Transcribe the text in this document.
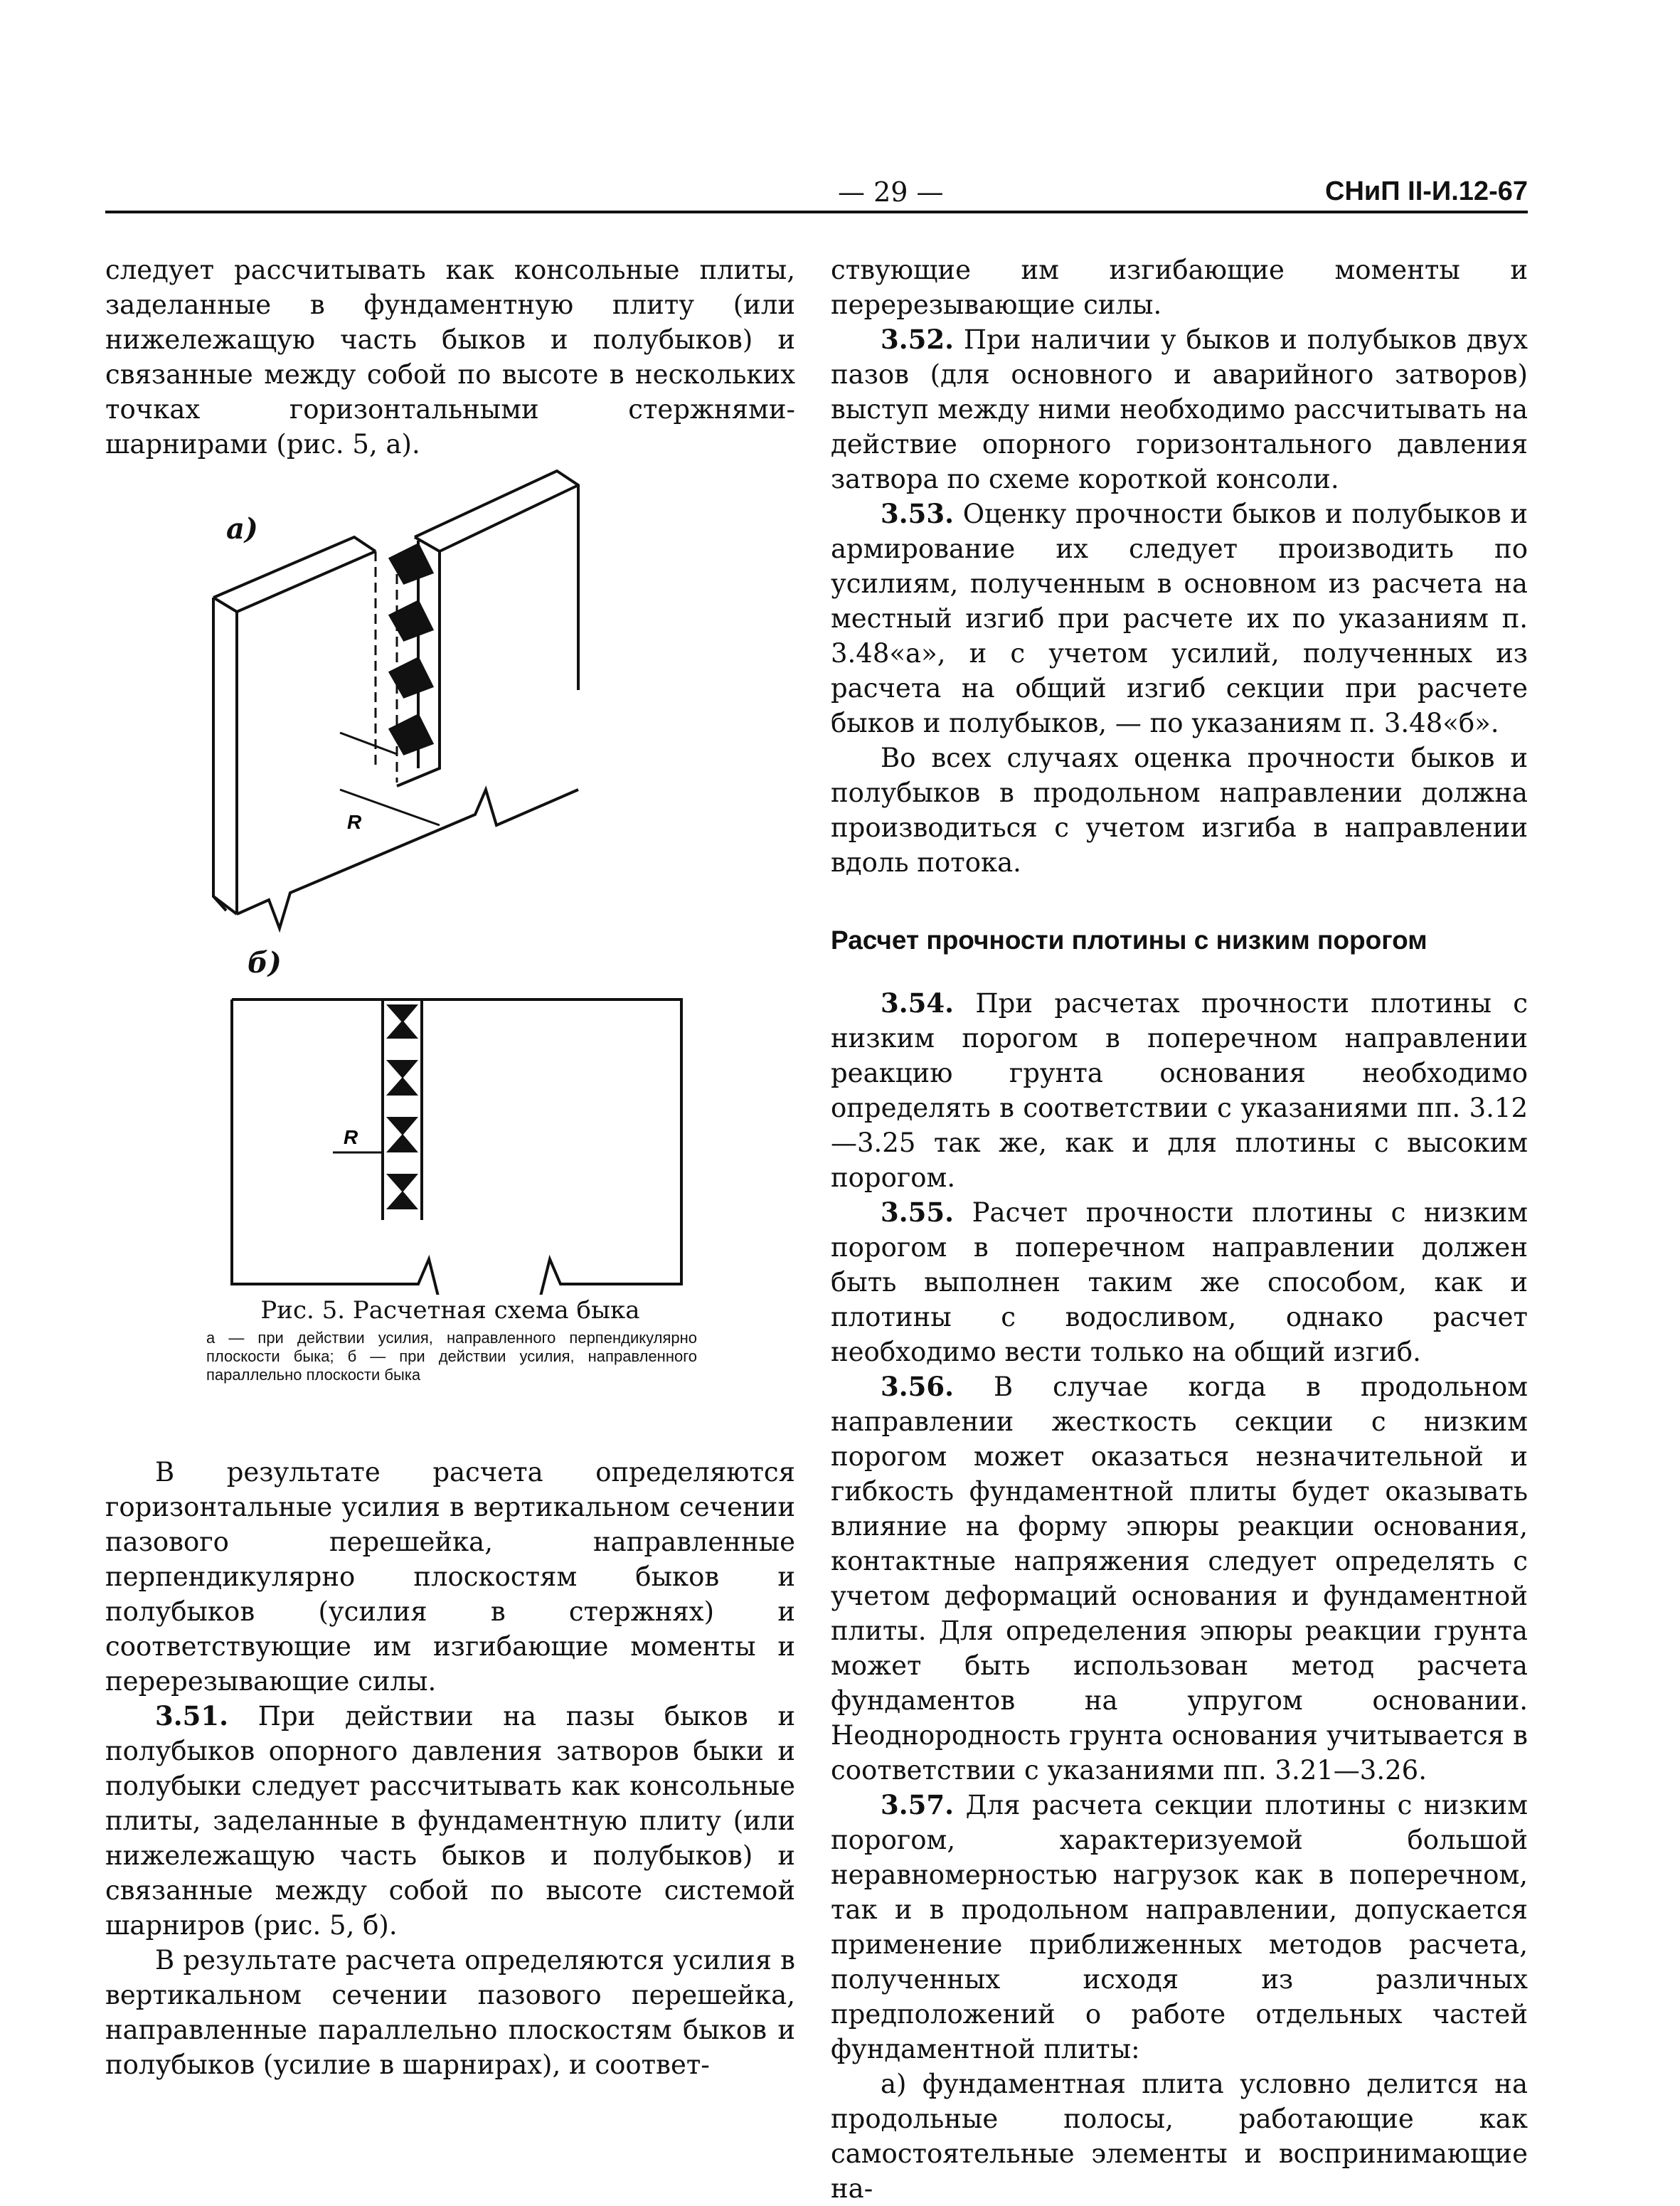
— 29 —	СНиП II-И.12-67

следует рассчитывать как консольные плиты, заделанные в фундаментную плиту (или нижележащую часть быков и полубыков) и связанные между собой по высоте в нескольких точках горизонтальными стержнями-шарнирами (рис. 5, а).

а)
R
б)
R
Рис. 5. Расчетная схема быка
а — при действии усилия, направленного перпендикулярно плоскости быка; б — при действии усилия, направленного параллельно плоскости быка

В результате расчета определяются горизонтальные усилия в вертикальном сечении пазового перешейка, направленные перпендикулярно плоскостям быков и полубыков (усилия в стержнях) и соответствующие им изгибающие моменты и перерезывающие силы.

3.51. При действии на пазы быков и полубыков опорного давления затворов быки и полубыки следует рассчитывать как консольные плиты, заделанные в фундаментную плиту (или нижележащую часть быков и полубыков) и связанные между собой по высоте системой шарниров (рис. 5, б).

В результате расчета определяются усилия в вертикальном сечении пазового перешейка, направленные параллельно плоскостям быков и полубыков (усилие в шарнирах), и соответ-

ствующие им изгибающие моменты и перерезывающие силы.

3.52. При наличии у быков и полубыков двух пазов (для основного и аварийного затворов) выступ между ними необходимо рассчитывать на действие опорного горизонтального давления затвора по схеме короткой консоли.

3.53. Оценку прочности быков и полубыков и армирование их следует производить по усилиям, полученным в основном из расчета на местный изгиб при расчете их по указаниям п. 3.48«а», и с учетом усилий, полученных из расчета на общий изгиб секции при расчете быков и полубыков, — по указаниям п. 3.48«б».

Во всех случаях оценка прочности быков и полубыков в продольном направлении должна производиться с учетом изгиба в направлении вдоль потока.

Расчет прочности плотины с низким порогом

3.54. При расчетах прочности плотины с низким порогом в поперечном направлении реакцию грунта основания необходимо определять в соответствии с указаниями пп. 3.12—3.25 так же, как и для плотины с высоким порогом.

3.55. Расчет прочности плотины с низким порогом в поперечном направлении должен быть выполнен таким же способом, как и плотины с водосливом, однако расчет необходимо вести только на общий изгиб.

3.56. В случае когда в продольном направлении жесткость секции с низким порогом может оказаться незначительной и гибкость фундаментной плиты будет оказывать влияние на форму эпюры реакции основания, контактные напряжения следует определять с учетом деформаций основания и фундаментной плиты. Для определения эпюры реакции грунта может быть использован метод расчета фундаментов на упругом основании. Неоднородность грунта основания учитывается в соответствии с указаниями пп. 3.21—3.26.

3.57. Для расчета секции плотины с низким порогом, характеризуемой большой неравномерностью нагрузок как в поперечном, так и в продольном направлении, допускается применение приближенных методов расчета, полученных исходя из различных предположений о работе отдельных частей фундаментной плиты:

а) фундаментная плита условно делится на продольные полосы, работающие как самостоятельные элементы и воспринимающие на-
